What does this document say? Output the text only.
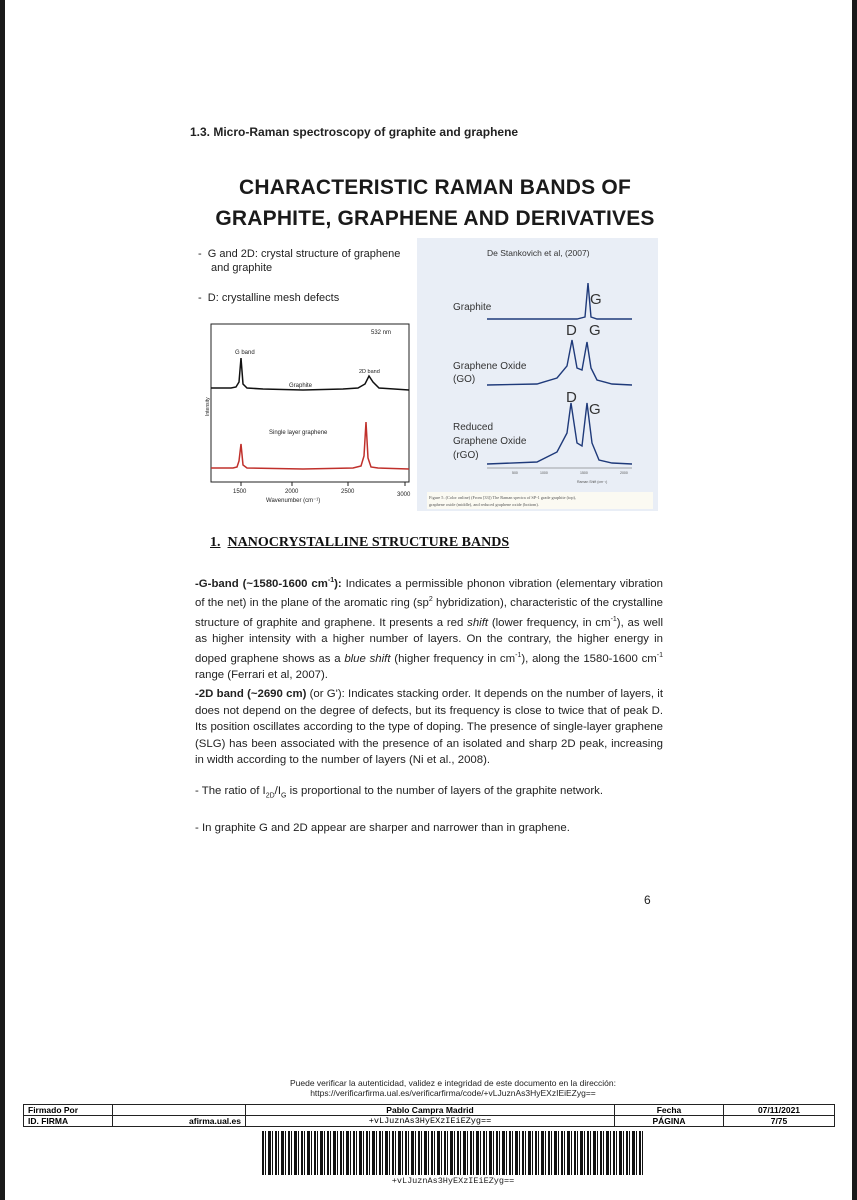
1.3. Micro-Raman spectroscopy of graphite and graphene
CHARACTERISTIC RAMAN BANDS OF
GRAPHITE, GRAPHENE AND DERIVATIVES
-  G and 2D: crystal structure of graphene
and graphite
-  D: crystalline mesh defects
532 nm
G band
2D band
Graphite
Single layer graphene
Intensity
1500	2000	2500	3000
Wavenumber (cm⁻¹)
De Stankovich et al, (2007)
Graphite
Graphene Oxide
(GO)
Reduced
Graphene Oxide
(rGO)
G
D G
D
G
500	1000	1500	2000
Raman Shift (cm⁻¹)
Figure 5. (Color online) (From [33]) The Raman spectra of SP-1 grade graphite (top),
graphene oxide (middle), and reduced graphene oxide (bottom).
1. NANOCRYSTALLINE STRUCTURE BANDS
-G-band (~1580-1600 $cm^{-1}$): Indicates a permissible phonon vibration (elementary vibration of the net) in the plane of the aromatic ring ($sp^2$ hybridization), characteristic of the crystalline structure of graphite and graphene. It presents a red shift (lower frequency, in $cm^{-1}$), as well as higher intensity with a higher number of layers. On the contrary, the higher energy in doped graphene shows as a blue shift (higher frequency in $cm^{-1}$), along the 1580-1600 $cm^{-1}$ range (Ferrari et al, 2007).
-2D band (~2690 cm) (or G'): Indicates stacking order. It depends on the number of layers, it does not depend on the degree of defects, but its frequency is close to twice that of peak D. Its position oscillates according to the type of doping. The presence of single-layer graphene (SLG) has been associated with the presence of an isolated and sharp 2D peak, increasing in width according to the number of layers (Ni et al., 2008).
- The ratio of $I_{2D}/I_G$ is proportional to the number of layers of the graphite network.
- In graphite G and 2D appear are sharper and narrower than in graphene.
6
Puede verificar la autenticidad, validez e integridad de este documento en la dirección:
https://verificarfirma.ual.es/verificarfirma/code/+vLJuznAs3HyEXzIEiEZyg==
Firmado Por		Pablo Campra Madrid	Fecha	07/11/2021
ID. FIRMA	afirma.ual.es	+vLJuznAs3HyEXzIEiEZyg==	PÁGINA	7/75
+vLJuznAs3HyEXzIEiEZyg==
